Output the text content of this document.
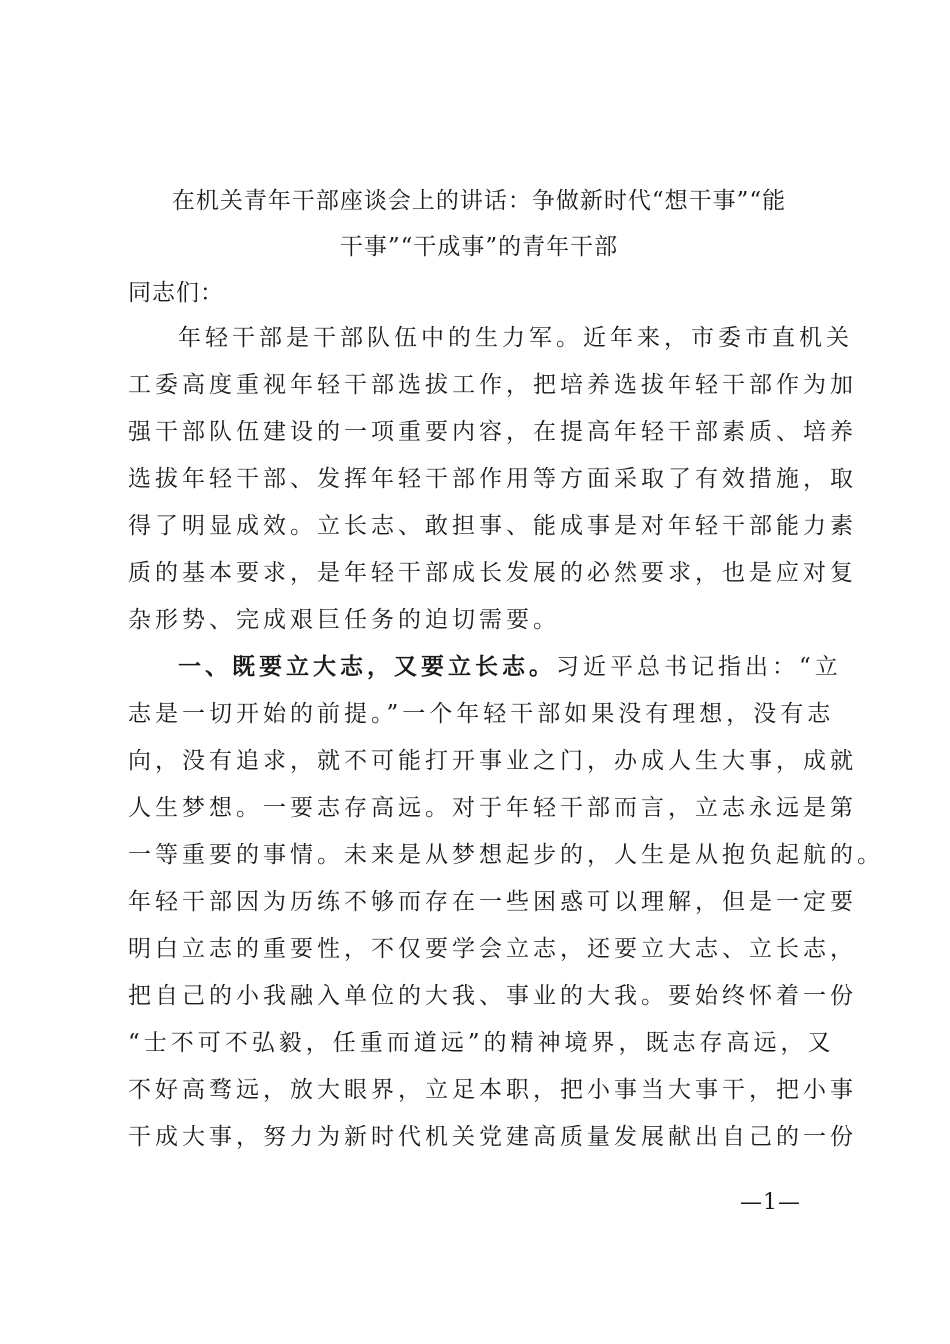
在机关青年干部座谈会上的讲话：争做新时代“想干事”“能
干事”“干成事”的青年干部
同志们：
年轻干部是干部队伍中的生力军。近年来，市委市直机关
工委高度重视年轻干部选拔工作，把培养选拔年轻干部作为加
强干部队伍建设的一项重要内容，在提高年轻干部素质、培养
选拔年轻干部、发挥年轻干部作用等方面采取了有效措施，取
得了明显成效。立长志、敢担事、能成事是对年轻干部能力素
质的基本要求，是年轻干部成长发展的必然要求，也是应对复
杂形势、完成艰巨任务的迫切需要。
一、既要立大志，又要立长志。习近平总书记指出：“立
志是一切开始的前提。”一个年轻干部如果没有理想，没有志
向，没有追求，就不可能打开事业之门，办成人生大事，成就
人生梦想。一要志存高远。对于年轻干部而言，立志永远是第
一等重要的事情。未来是从梦想起步的，人生是从抱负起航的。
年轻干部因为历练不够而存在一些困惑可以理解，但是一定要
明白立志的重要性，不仅要学会立志，还要立大志、立长志，
把自己的小我融入单位的大我、事业的大我。要始终怀着一份
“士不可不弘毅，任重而道远”的精神境界，既志存高远，又
不好高骛远，放大眼界，立足本职，把小事当大事干，把小事
干成大事，努力为新时代机关党建高质量发展献出自己的一份
—1—
